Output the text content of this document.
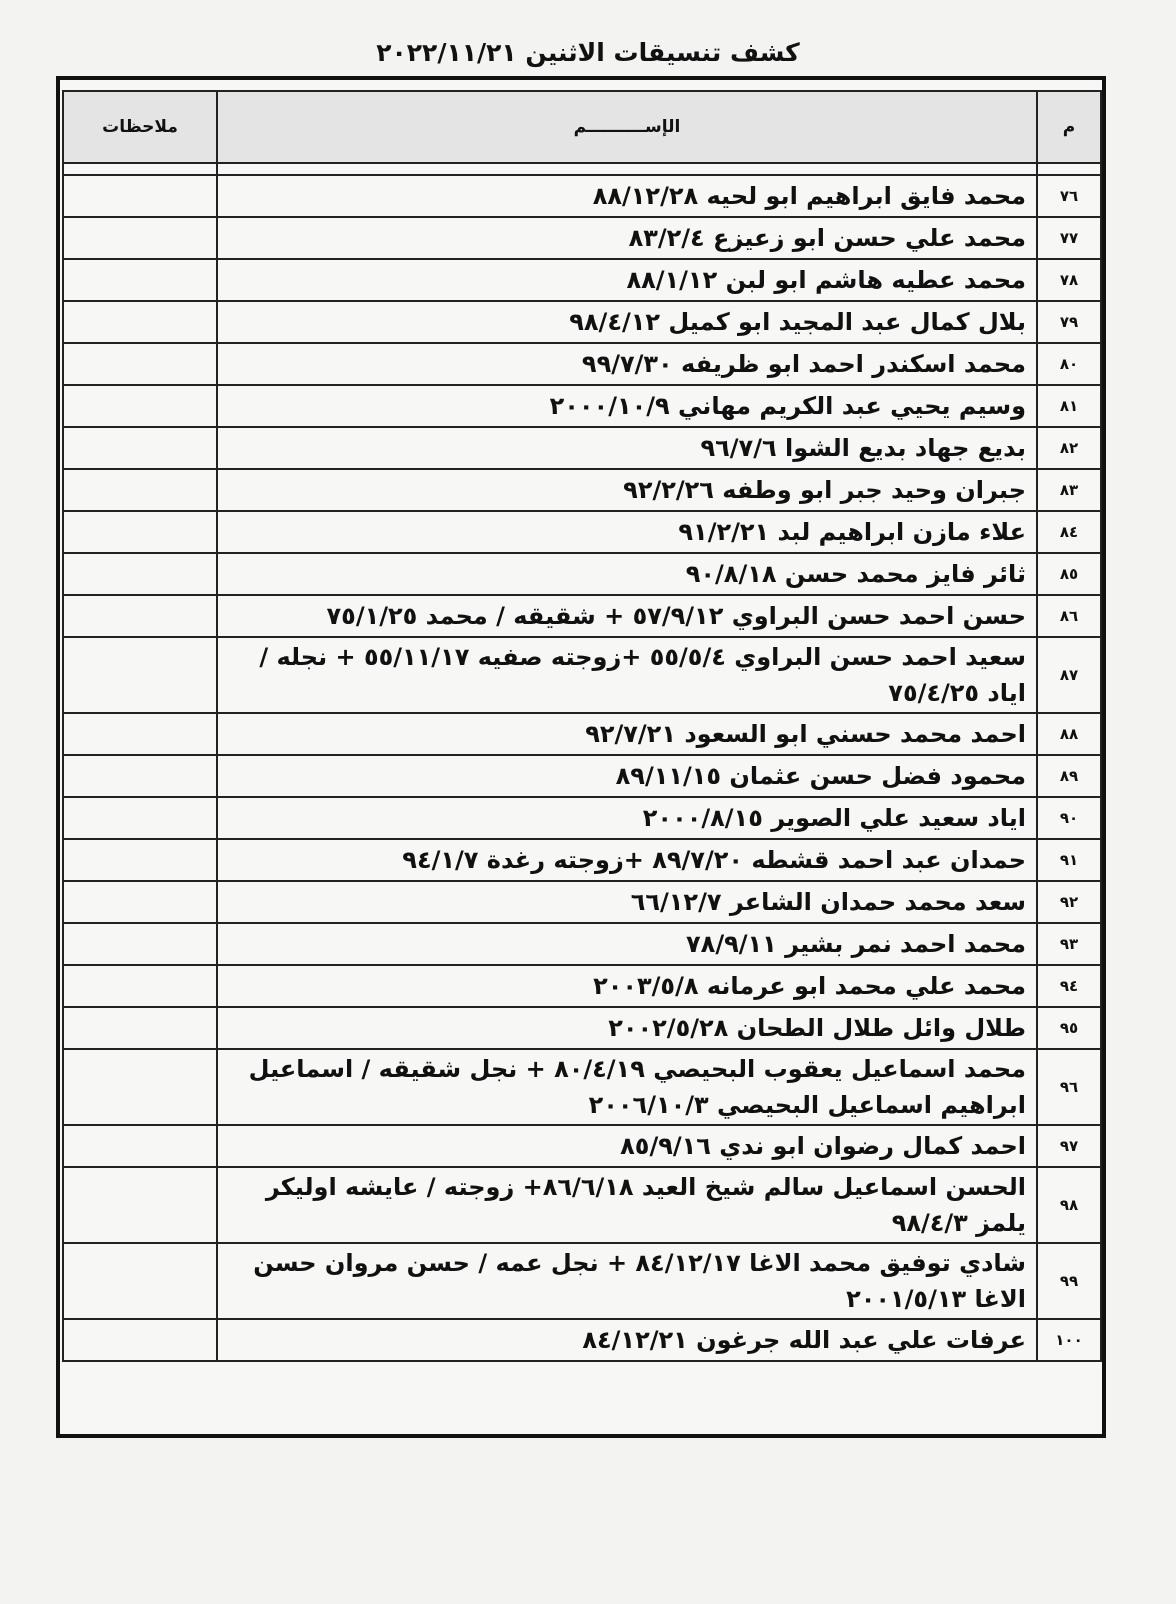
كشف تنسيقات الاثنين ٢٠٢٢/١١/٢١
م	الإســــــــــم	ملاحظات

٧٦	محمد فايق ابراهيم ابو لحيه ٨٨/١٢/٢٨	
٧٧	محمد علي حسن ابو زعيزع ٨٣/٢/٤	
٧٨	محمد عطيه هاشم ابو لبن ٨٨/١/١٢	
٧٩	بلال كمال عبد المجيد ابو كميل ٩٨/٤/١٢	
٨٠	محمد اسكندر احمد ابو ظريفه ٩٩/٧/٣٠	
٨١	وسيم يحيي عبد الكريم مهاني ٢٠٠٠/١٠/٩	
٨٢	بديع جهاد بديع الشوا ٩٦/٧/٦	
٨٣	جبران وحيد جبر ابو وطفه ٩٢/٢/٢٦	
٨٤	علاء مازن ابراهيم لبد ٩١/٢/٢١	
٨٥	ثائر فايز محمد حسن ٩٠/٨/١٨	
٨٦	حسن احمد حسن البراوي ٥٧/٩/١٢ + شقيقه / محمد ٧٥/١/٢٥	
٨٧	سعيد احمد حسن البراوي ٥٥/٥/٤ +زوجته صفيه ٥٥/١١/١٧ + نجله / اياد ٧٥/٤/٢٥	
٨٨	احمد محمد حسني ابو السعود ٩٢/٧/٢١	
٨٩	محمود فضل حسن عثمان ٨٩/١١/١٥	
٩٠	اياد سعيد علي الصوير ٢٠٠٠/٨/١٥	
٩١	حمدان عبد احمد قشطه ٨٩/٧/٢٠ +زوجته رغدة ٩٤/١/٧	
٩٢	سعد محمد حمدان الشاعر ٦٦/١٢/٧	
٩٣	محمد احمد نمر بشير ٧٨/٩/١١	
٩٤	محمد علي محمد ابو عرمانه ٢٠٠٣/٥/٨	
٩٥	طلال وائل طلال الطحان ٢٠٠٢/٥/٢٨	
٩٦	محمد اسماعيل يعقوب البحيصي ٨٠/٤/١٩ + نجل شقيقه / اسماعيل ابراهيم اسماعيل البحيصي ٢٠٠٦/١٠/٣	
٩٧	احمد كمال رضوان ابو ندي ٨٥/٩/١٦	
٩٨	الحسن اسماعيل سالم شيخ العيد ٨٦/٦/١٨+ زوجته / عايشه اوليكر يلمز ٩٨/٤/٣	
٩٩	شادي توفيق محمد الاغا ٨٤/١٢/١٧ + نجل عمه / حسن مروان حسن الاغا ٢٠٠١/٥/١٣	
١٠٠	عرفات علي عبد الله جرغون ٨٤/١٢/٢١	
